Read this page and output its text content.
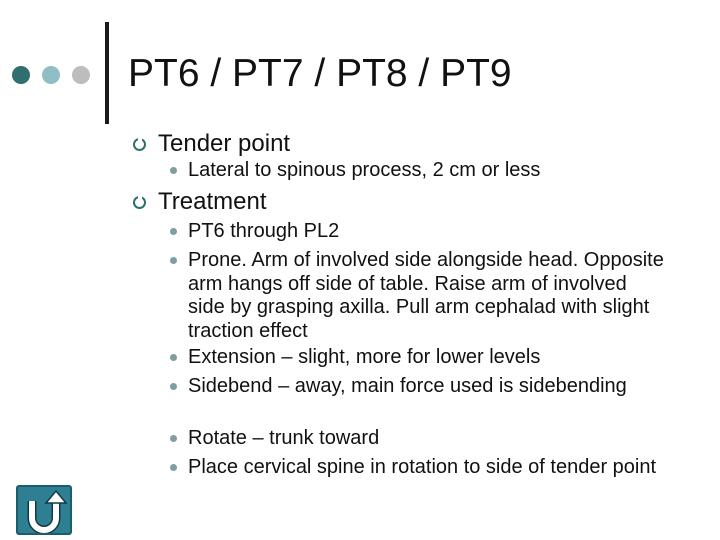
PT6 / PT7 / PT8 / PT9
Tender point
Lateral to spinous process, 2 cm or less
Treatment
PT6 through PL2
Prone. Arm of involved side alongside head. Opposite arm hangs off side of table. Raise arm of involved side by grasping axilla. Pull arm cephalad with slight traction effect
Extension – slight, more for lower levels
Sidebend – away, main force used is sidebending
Rotate – trunk toward
Place cervical spine in rotation to side of tender point
